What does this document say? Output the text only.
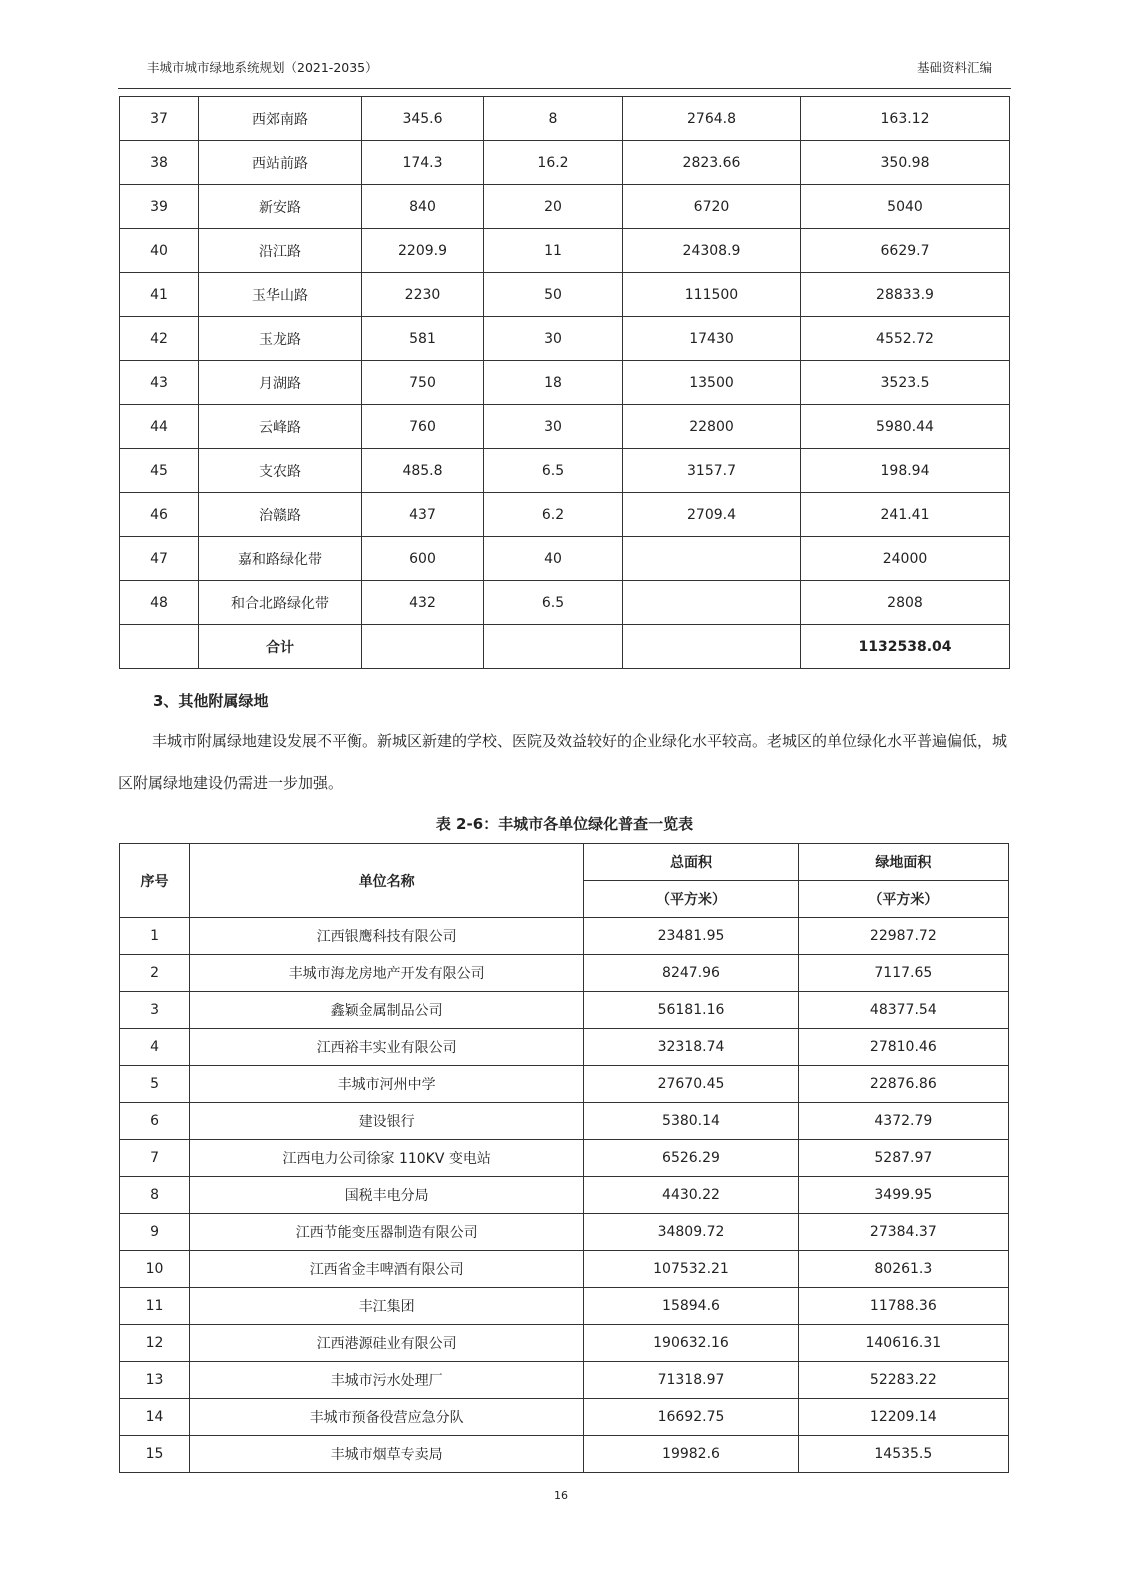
丰城市城市绿地系统规划（2021-2035）	基础资料汇编
37	西郊南路	345.6	8	2764.8	163.12
38	西站前路	174.3	16.2	2823.66	350.98
39	新安路	840	20	6720	5040
40	沿江路	2209.9	11	24308.9	6629.7
41	玉华山路	2230	50	111500	28833.9
42	玉龙路	581	30	17430	4552.72
43	月湖路	750	18	13500	3523.5
44	云峰路	760	30	22800	5980.44
45	支农路	485.8	6.5	3157.7	198.94
46	治赣路	437	6.2	2709.4	241.41
47	嘉和路绿化带	600	40		24000
48	和合北路绿化带	432	6.5		2808
	合计				1132538.04
3、其他附属绿地
丰城市附属绿地建设发展不平衡。新城区新建的学校、医院及效益较好的企业绿化水平较高。老城区的单位绿化水平普遍偏低，城区附属绿地建设仍需进一步加强。
表 2-6：丰城市各单位绿化普查一览表
序号	单位名称	总面积	绿地面积
		（平方米）	（平方米）
1	江西银鹰科技有限公司	23481.95	22987.72
2	丰城市海龙房地产开发有限公司	8247.96	7117.65
3	鑫颖金属制品公司	56181.16	48377.54
4	江西裕丰实业有限公司	32318.74	27810.46
5	丰城市河州中学	27670.45	22876.86
6	建设银行	5380.14	4372.79
7	江西电力公司徐家 110KV 变电站	6526.29	5287.97
8	国税丰电分局	4430.22	3499.95
9	江西节能变压器制造有限公司	34809.72	27384.37
10	江西省金丰啤酒有限公司	107532.21	80261.3
11	丰江集团	15894.6	11788.36
12	江西港源硅业有限公司	190632.16	140616.31
13	丰城市污水处理厂	71318.97	52283.22
14	丰城市预备役营应急分队	16692.75	12209.14
15	丰城市烟草专卖局	19982.6	14535.5
16
